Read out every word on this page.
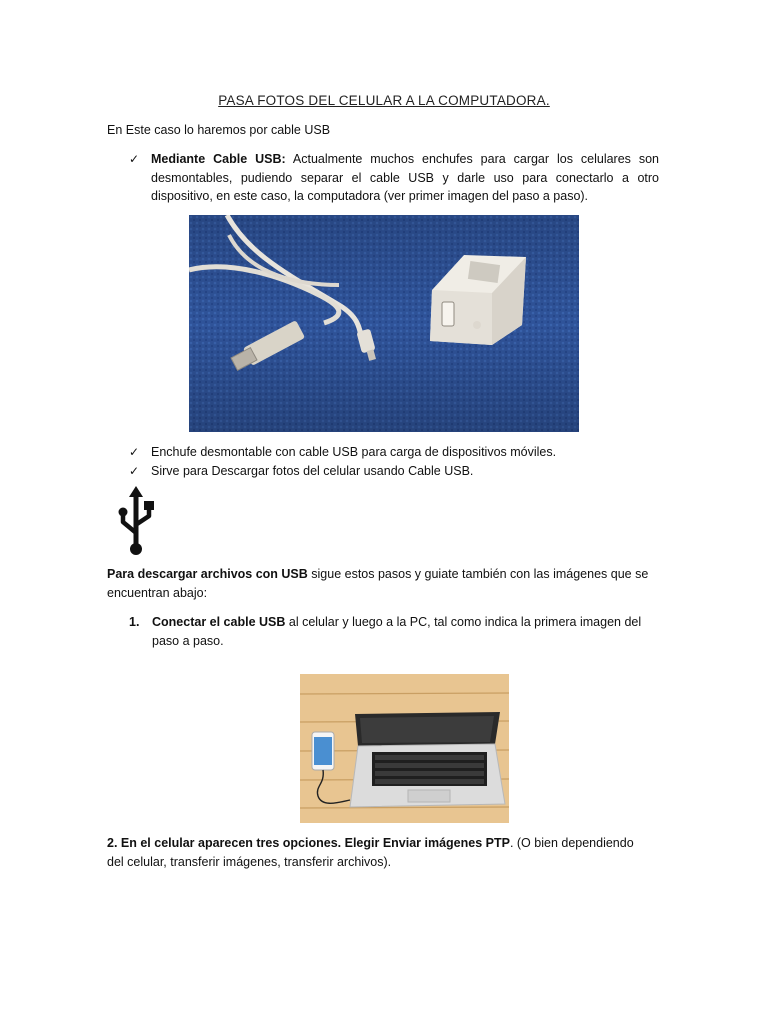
PASA FOTOS DEL CELULAR A LA COMPUTADORA.
En Este caso lo haremos por cable USB
✓ Mediante Cable USB: Actualmente muchos enchufes para cargar los celulares son desmontables, pudiendo separar el cable USB y darle uso para conectarlo a otro dispositivo, en este caso, la computadora (ver primer imagen del paso a paso).
✓ Enchufe desmontable con cable USB para carga de dispositivos móviles.
✓ Sirve para Descargar fotos del celular usando Cable USB.
Para descargar archivos con USB sigue estos pasos y guiate también con las imágenes que se encuentran abajo:
1. Conectar el cable USB al celular y luego a la PC, tal como indica la primera imagen del paso a paso.
2. En el celular aparecen tres opciones. Elegir Enviar imágenes PTP. (O bien dependiendo del celular, transferir imágenes, transferir archivos).
